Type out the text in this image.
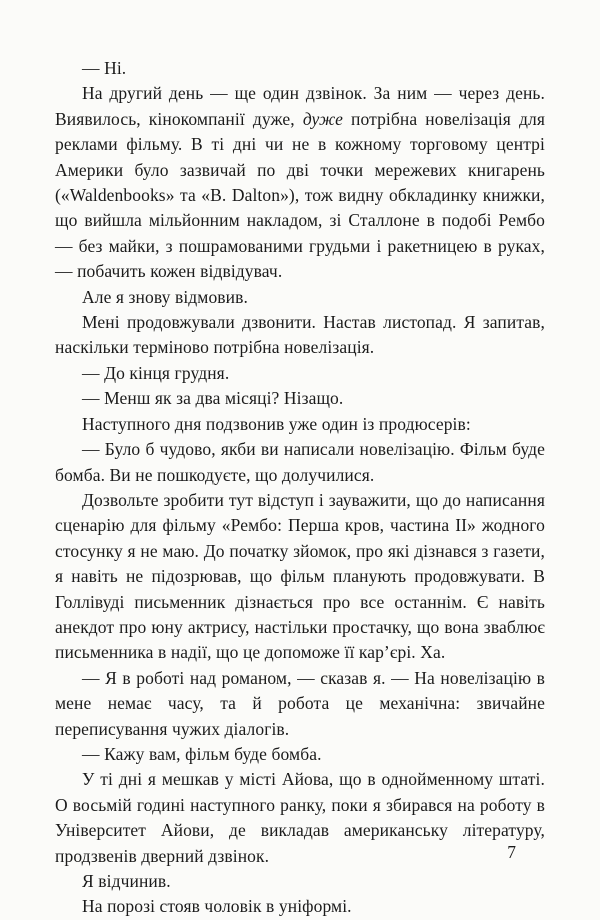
— Ні.

На другий день — ще один дзвінок. За ним — через день. Виявилось, кінокомпанії дуже, дуже потрібна новелізація для реклами фільму. В ті дні чи не в кожному торговому центрі Америки було зазвичай по дві точки мережевих книгарень («Waldenbooks» та «B. Dalton»), тож видну обкладинку книжки, що вийшла мільйонним накладом, зі Сталлоне в подобі Рембо — без майки, з пошрамованими грудьми і ракетницею в руках, — побачить кожен відвідувач.

Але я знову відмовив.

Мені продовжували дзвонити. Настав листопад. Я запитав, наскільки терміново потрібна новелізація.

— До кінця грудня.

— Менш як за два місяці? Нізащо.

Наступного дня подзвонив уже один із продюсерів:

— Було б чудово, якби ви написали новелізацію. Фільм буде бомба. Ви не пошкодуєте, що долучилися.

Дозвольте зробити тут відступ і зауважити, що до написання сценарію для фільму «Рембо: Перша кров, частина II» жодного стосунку я не маю. До початку зйомок, про які дізнався з газети, я навіть не підозрював, що фільм планують продовжувати. В Голлівуді письменник дізнається про все останнім. Є навіть анекдот про юну актрису, настільки простачку, що вона зваблює письменника в надії, що це допоможе її кар’єрі. Ха.

— Я в роботі над романом, — сказав я. — На новелізацію в мене немає часу, та й робота це механічна: звичайне переписування чужих діалогів.

— Кажу вам, фільм буде бомба.

У ті дні я мешкав у місті Айова, що в однойменному штаті. О восьмій годині наступного ранку, поки я збирався на роботу в Університет Айови, де викладав американську літературу, продзвенів дверний дзвінок.

Я відчинив.

На порозі стояв чоловік в уніформі.

7
